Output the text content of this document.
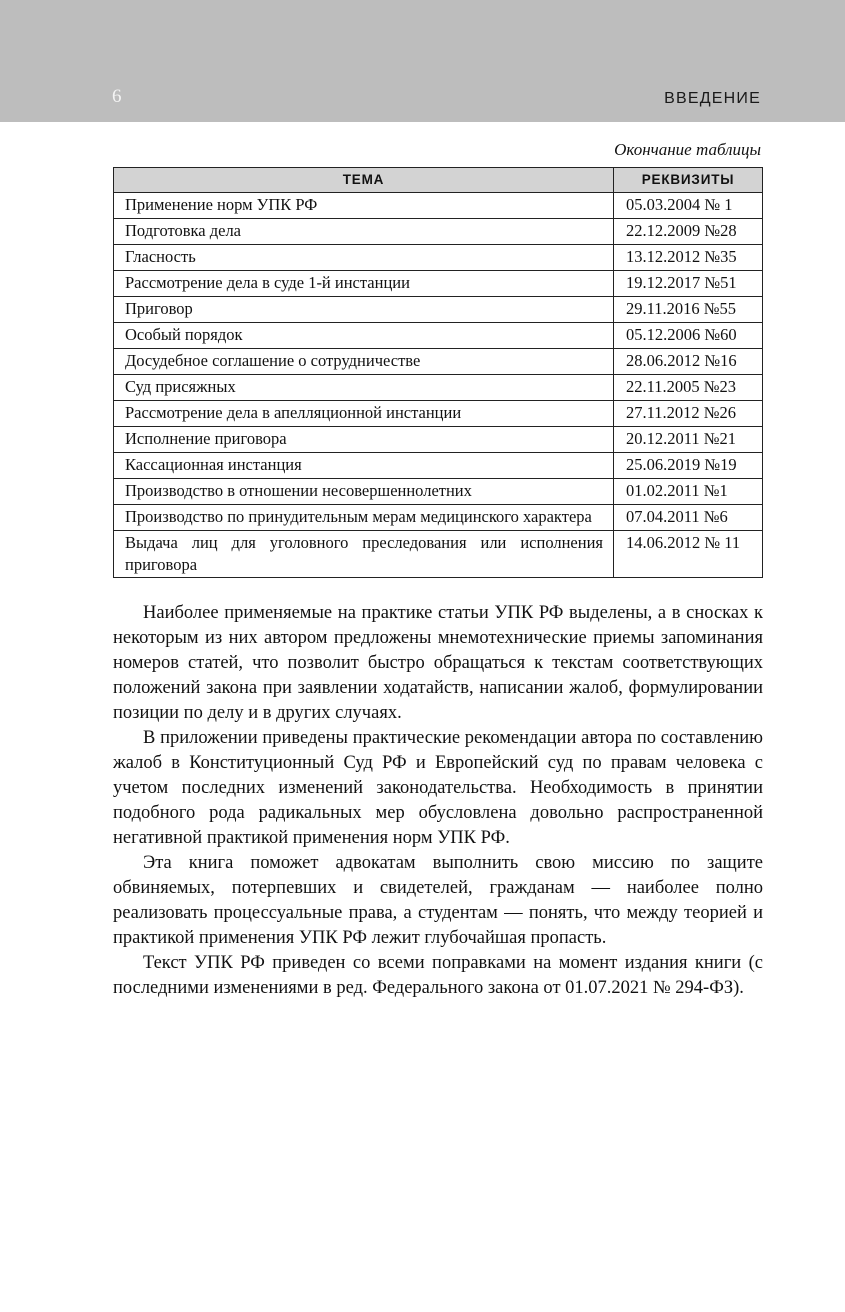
6	ВВЕДЕНИЕ
Окончание таблицы
ТЕМА	РЕКВИЗИТЫ
Применение норм УПК РФ	05.03.2004 № 1
Подготовка дела	22.12.2009 №28
Гласность	13.12.2012 №35
Рассмотрение дела в суде 1-й инстанции	19.12.2017 №51
Приговор	29.11.2016 №55
Особый порядок	05.12.2006 №60
Досудебное соглашение о сотрудничестве	28.06.2012 №16
Суд присяжных	22.11.2005 №23
Рассмотрение дела в апелляционной инстанции	27.11.2012 №26
Исполнение приговора	20.12.2011 №21
Кассационная инстанция	25.06.2019 №19
Производство в отношении несовершеннолетних	01.02.2011 №1
Производство по принудительным мерам медицинского характера	07.04.2011 №6
Выдача лиц для уголовного преследования или исполнения приговора	14.06.2012 № 11

Наиболее применяемые на практике статьи УПК РФ выделены, а в сносках к некоторым из них автором предложены мнемотехнические приемы запоминания номеров статей, что позволит быстро обращаться к текстам соответствующих положений закона при заявлении ходатайств, написании жалоб, формулировании позиции по делу и в других случаях.

В приложении приведены практические рекомендации автора по составлению жалоб в Конституционный Суд РФ и Европейский суд по правам человека с учетом последних изменений законодательства. Необходимость в принятии подобного рода радикальных мер обусловлена довольно распространенной негативной практикой применения норм УПК РФ.

Эта книга поможет адвокатам выполнить свою миссию по защите обвиняемых, потерпевших и свидетелей, гражданам — наиболее полно реализовать процессуальные права, а студентам — понять, что между теорией и практикой применения УПК РФ лежит глубочайшая пропасть.

Текст УПК РФ приведен со всеми поправками на момент издания книги (с последними изменениями в ред. Федерального закона от 01.07.2021 № 294-ФЗ).
